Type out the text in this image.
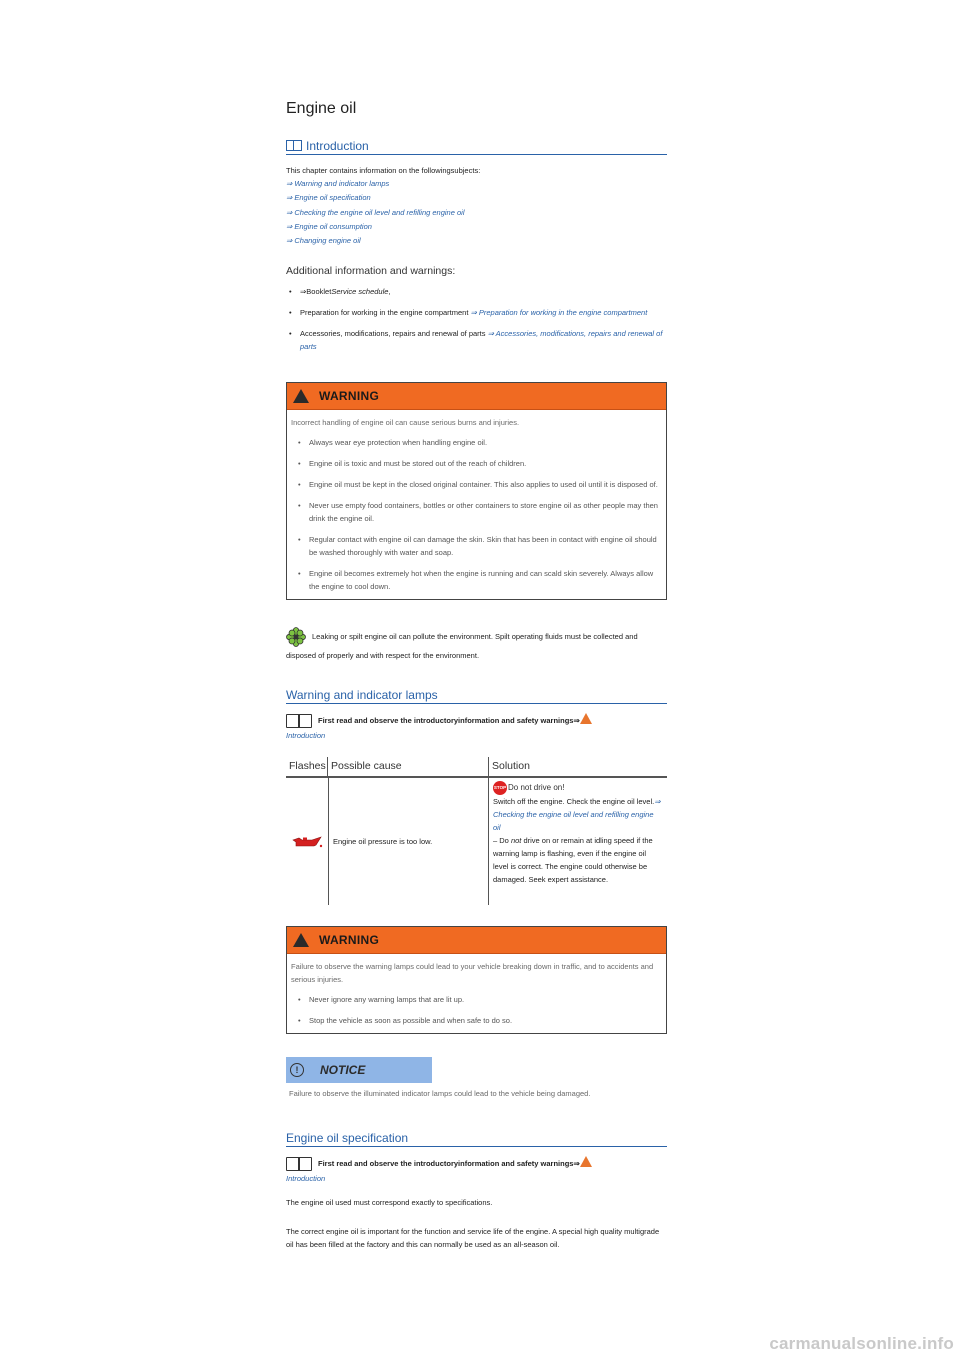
Engine oil
Introduction
This chapter contains information on the followingsubjects:
⇒ Warning and indicator lamps
⇒ Engine oil specification
⇒ Checking the engine oil level and refilling engine oil
⇒ Engine oil consumption
⇒ Changing engine oil
Additional information and warnings:
• ⇒BookletService schedule,
• Preparation for working in the engine compartment ⇒ Preparation for working in the engine compartment
• Accessories, modifications, repairs and renewal of parts ⇒ Accessories, modifications, repairs and renewal of parts
WARNING
Incorrect handling of engine oil can cause serious burns and injuries.
• Always wear eye protection when handling engine oil.
• Engine oil is toxic and must be stored out of the reach of children.
• Engine oil must be kept in the closed original container. This also applies to used oil until it is disposed of.
• Never use empty food containers, bottles or other containers to store engine oil as other people may then drink the engine oil.
• Regular contact with engine oil can damage the skin. Skin that has been in contact with engine oil should be washed thoroughly with water and soap.
• Engine oil becomes extremely hot when the engine is running and can scald skin severely. Always allow the engine to cool down.
Leaking or spilt engine oil can pollute the environment. Spilt operating fluids must be collected and disposed of properly and with respect for the environment.
Warning and indicator lamps
First read and observe the introductoryinformation and safety warnings⇒
Introduction
Flashes Possible cause	Solution
Engine oil pressure is too low.
STOP Do not drive on!
Switch off the engine. Check the engine oil level.⇒ Checking the engine oil level and refilling engine oil
– Do not drive on or remain at idling speed if the warning lamp is flashing, even if the engine oil level is correct. The engine could otherwise be damaged. Seek expert assistance.
WARNING
Failure to observe the warning lamps could lead to your vehicle breaking down in traffic, and to accidents and serious injuries.
• Never ignore any warning lamps that are lit up.
• Stop the vehicle as soon as possible and when safe to do so.
!	NOTICE
Failure to observe the illuminated indicator lamps could lead to the vehicle being damaged.
Engine oil specification
First read and observe the introductoryinformation and safety warnings⇒
Introduction
The engine oil used must correspond exactly to specifications.
The correct engine oil is important for the function and service life of the engine. A special high quality multigrade oil has been filled at the factory and this can normally be used as an all-season oil.
carmanualsonline.info
